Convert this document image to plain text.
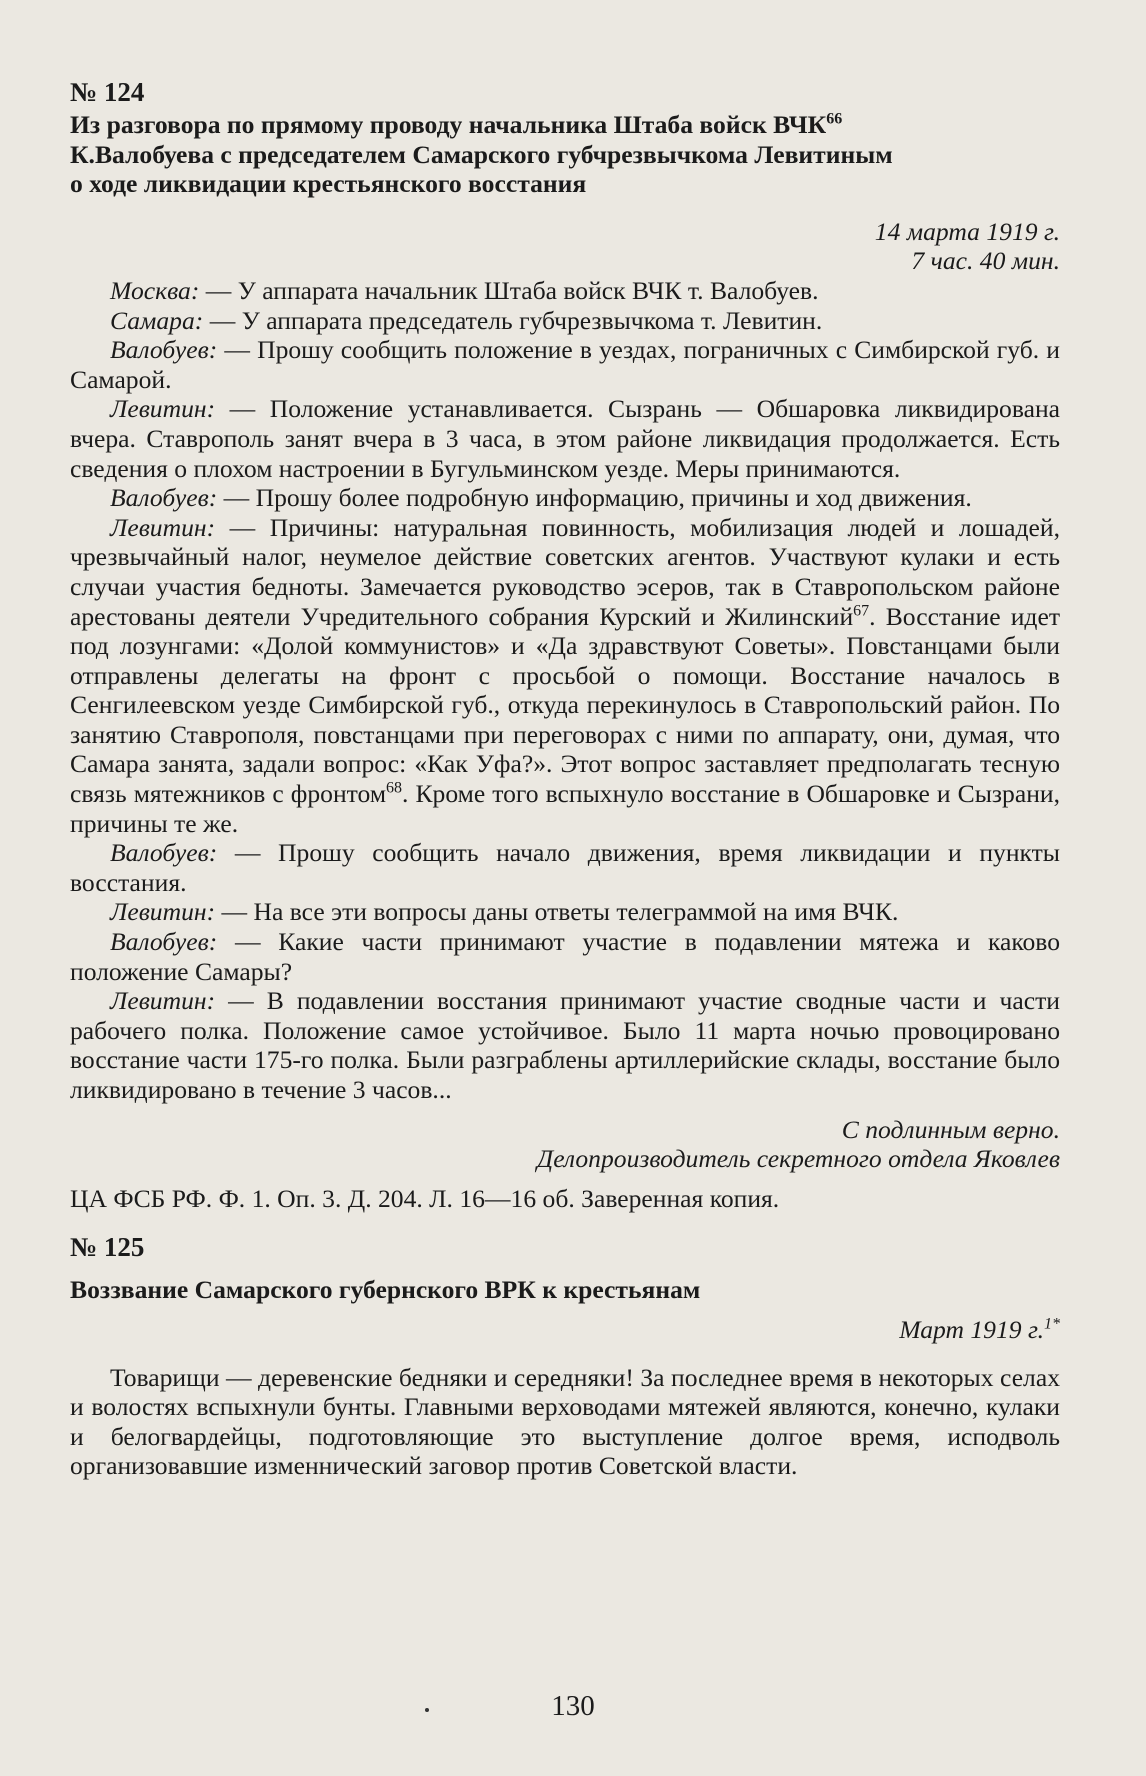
№ 124

Из разговора по прямому проводу начальника Штаба войск ВЧК$^{66}$
К.Валобуева с председателем Самарского губчрезвычкома Левитиным
о ходе ликвидации крестьянского восстания

14 марта 1919 г.

7 час. 40 мин.

Москва: — У аппарата начальник Штаба войск ВЧК т. Валобуев.

Самара: — У аппарата председатель губчрезвычкома т. Левитин.

Валобуев: — Прошу сообщить положение в уездах, пограничных с Симбирской губ. и Самарой.

Левитин: — Положение устанавливается. Сызрань — Обшаровка ликвидирована вчера. Ставрополь занят вчера в 3 часа, в этом районе ликвидация продолжается. Есть сведения о плохом настроении в Бугульминском уезде. Меры принимаются.

Валобуев: — Прошу более подробную информацию, причины и ход движения.

Левитин: — Причины: натуральная повинность, мобилизация людей и лошадей, чрезвычайный налог, неумелое действие советских агентов. Участвуют кулаки и есть случаи участия бедноты. Замечается руководство эсеров, так в Ставропольском районе арестованы деятели Учредительного собрания Курский и Жилинский$^{67}$. Восстание идет под лозунгами: «Долой коммунистов» и «Да здравствуют Советы». Повстанцами были отправлены делегаты на фронт с просьбой о помощи. Восстание началось в Сенгилеевском уезде Симбирской губ., откуда перекинулось в Ставропольский район. По занятию Ставрополя, повстанцами при переговорах с ними по аппарату, они, думая, что Самара занята, задали вопрос: «Как Уфа?». Этот вопрос заставляет предполагать тесную связь мятежников с фронтом$^{68}$. Кроме того вспыхнуло восстание в Обшаровке и Сызрани, причины те же.

Валобуев: — Прошу сообщить начало движения, время ликвидации и пункты восстания.

Левитин: — На все эти вопросы даны ответы телеграммой на имя ВЧК.

Валобуев: — Какие части принимают участие в подавлении мятежа и каково положение Самары?

Левитин: — В подавлении восстания принимают участие сводные части и части рабочего полка. Положение самое устойчивое. Было 11 марта ночью провоцировано восстание части 175-го полка. Были разграблены артиллерийские склады, восстание было ликвидировано в течение 3 часов...

С подлинным верно.

Делопроизводитель секретного отдела Яковлев

ЦА ФСБ РФ. Ф. 1. Оп. 3. Д. 204. Л. 16—16 об. Заверенная копия.

№ 125

Воззвание Самарского губернского ВРК к крестьянам

Март 1919 г.$^{1*}$

Товарищи — деревенские бедняки и середняки! За последнее время в некоторых селах и волостях вспыхнули бунты. Главными верховодами мятежей являются, конечно, кулаки и белогвардейцы, подготовляющие это выступление долгое время, исподволь организовавшие изменнический заговор против Советской власти.

130
